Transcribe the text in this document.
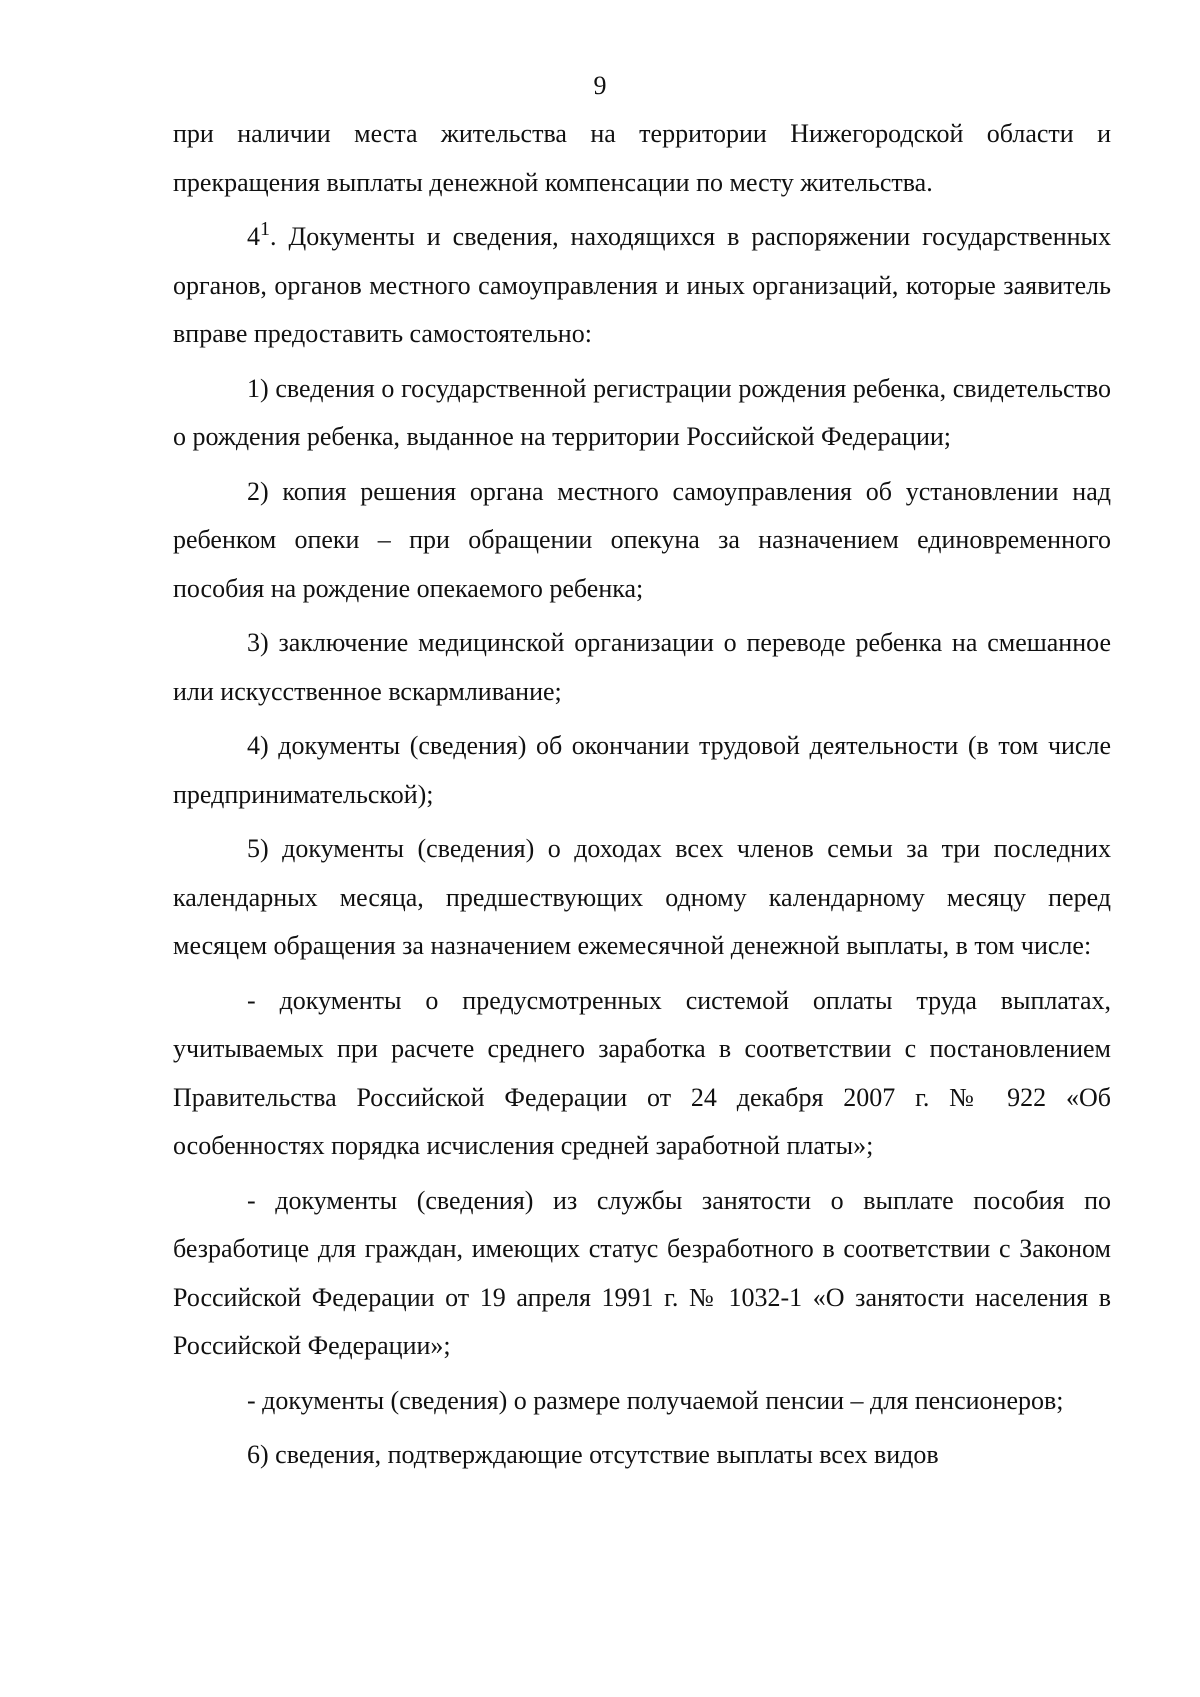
9

при наличии места жительства на территории Нижегородской области и прекращения выплаты денежной компенсации по месту жительства.

$4^1$. Документы и сведения, находящихся в распоряжении государственных органов, органов местного самоуправления и иных организаций, которые заявитель вправе предоставить самостоятельно:

1) сведения о государственной регистрации рождения ребенка, свидетельство о рождения ребенка, выданное на территории Российской Федерации;

2) копия решения органа местного самоуправления об установлении над ребенком опеки – при обращении опекуна за назначением единовременного пособия на рождение опекаемого ребенка;

3) заключение медицинской организации о переводе ребенка на смешанное или искусственное вскармливание;

4) документы (сведения) об окончании трудовой деятельности (в том числе предпринимательской);

5) документы (сведения) о доходах всех членов семьи за три последних календарных месяца, предшествующих одному календарному месяцу перед месяцем обращения за назначением ежемесячной денежной выплаты, в том числе:

- документы о предусмотренных системой оплаты труда выплатах, учитываемых при расчете среднего заработка в соответствии с постановлением Правительства Российской Федерации от 24 декабря 2007 г. № 922 «Об особенностях порядка исчисления средней заработной платы»;

- документы (сведения) из службы занятости о выплате пособия по безработице для граждан, имеющих статус безработного в соответствии с Законом Российской Федерации от 19 апреля 1991 г. № 1032-1 «О занятости населения в Российской Федерации»;

- документы (сведения) о размере получаемой пенсии – для пенсионеров;

6) сведения, подтверждающие отсутствие выплаты всех видов
